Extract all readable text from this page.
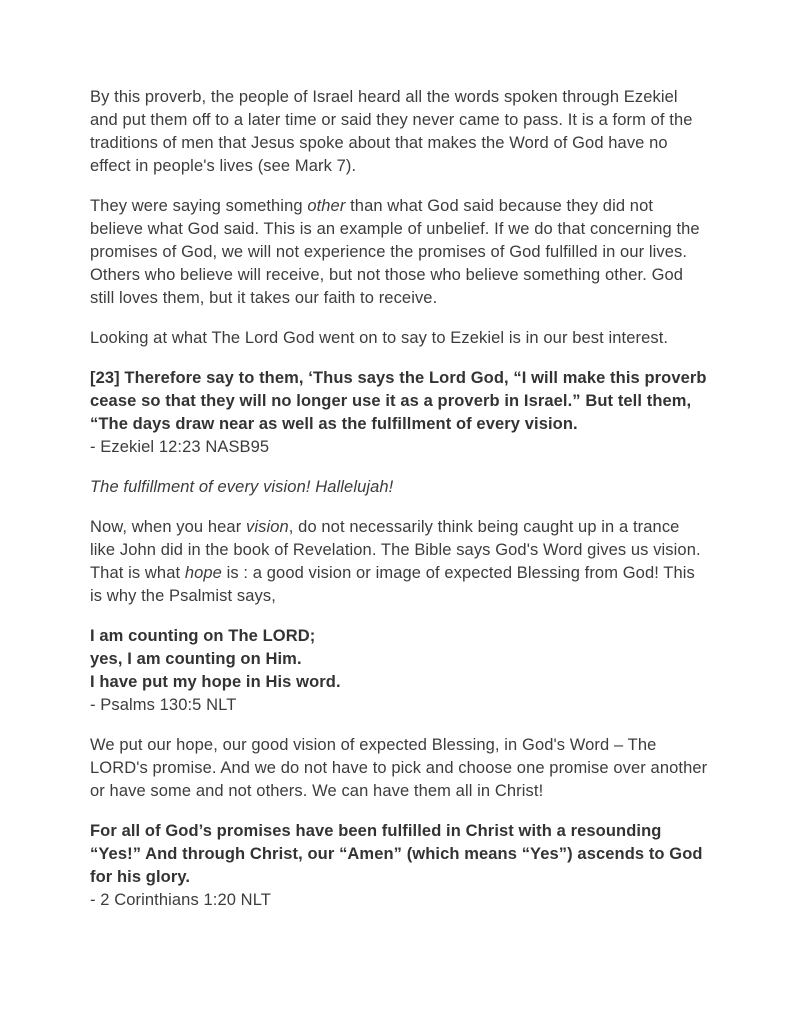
By this proverb, the people of Israel heard all the words spoken through Ezekiel and put them off to a later time or said they never came to pass. It is a form of the traditions of men that Jesus spoke about that makes the Word of God have no effect in people's lives (see Mark 7).

They were saying something other than what God said because they did not believe what God said. This is an example of unbelief. If we do that concerning the promises of God, we will not experience the promises of God fulfilled in our lives. Others who believe will receive, but not those who believe something other. God still loves them, but it takes our faith to receive.

Looking at what The Lord God went on to say to Ezekiel is in our best interest.

[23] Therefore say to them, ‘Thus says the Lord God, “I will make this proverb cease so that they will no longer use it as a proverb in Israel.” But tell them, “The days draw near as well as the fulfillment of every vision.
- Ezekiel 12:23 NASB95

The fulfillment of every vision! Hallelujah!

Now, when you hear vision, do not necessarily think being caught up in a trance like John did in the book of Revelation. The Bible says God's Word gives us vision. That is what hope is : a good vision or image of expected Blessing from God! This is why the Psalmist says,

I am counting on The LORD;
yes, I am counting on Him.
I have put my hope in His word.
- Psalms 130:5 NLT

We put our hope, our good vision of expected Blessing, in God's Word – The LORD's promise. And we do not have to pick and choose one promise over another or have some and not others. We can have them all in Christ!

For all of God’s promises have been fulfilled in Christ with a resounding “Yes!” And through Christ, our “Amen” (which means “Yes”) ascends to God for his glory.
- 2 Corinthians 1:20 NLT
